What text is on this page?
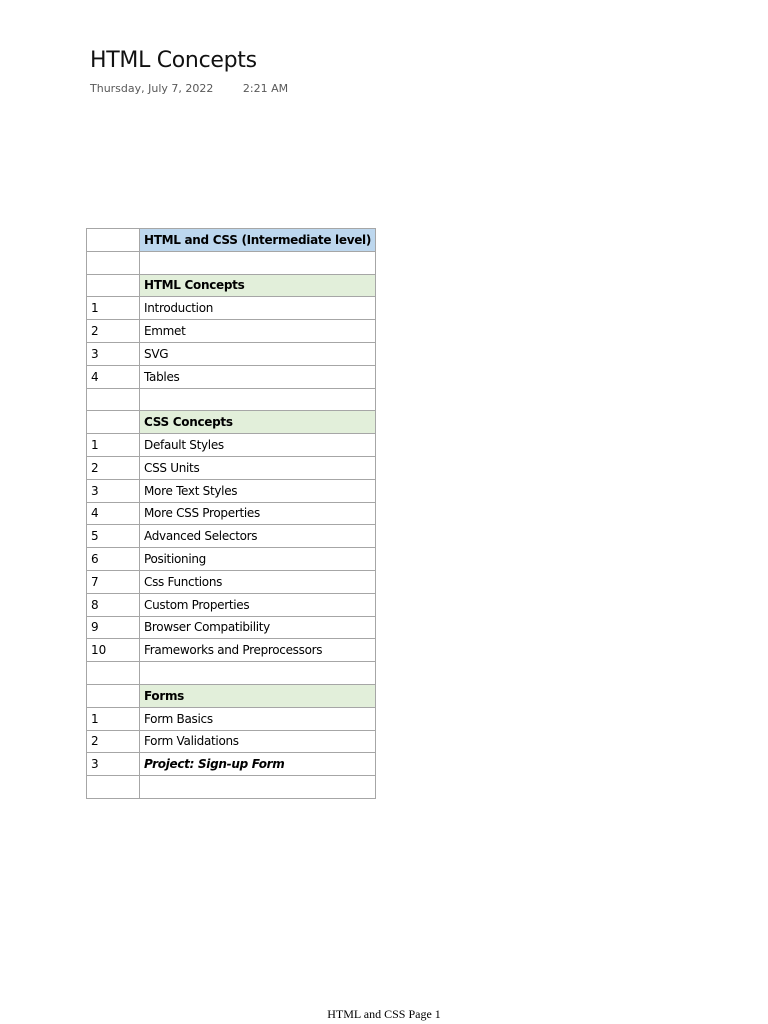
HTML Concepts
Thursday, July 7, 2022	2:21 AM
	HTML and CSS (Intermediate level)

	HTML Concepts
1	Introduction
2	Emmet
3	SVG
4	Tables

	CSS Concepts
1	Default Styles
2	CSS Units
3	More Text Styles
4	More CSS Properties
5	Advanced Selectors
6	Positioning
7	Css Functions
8	Custom Properties
9	Browser Compatibility
10	Frameworks and Preprocessors

	Forms
1	Form Basics
2	Form Validations
3	Project: Sign-up Form

HTML and CSS Page 1
